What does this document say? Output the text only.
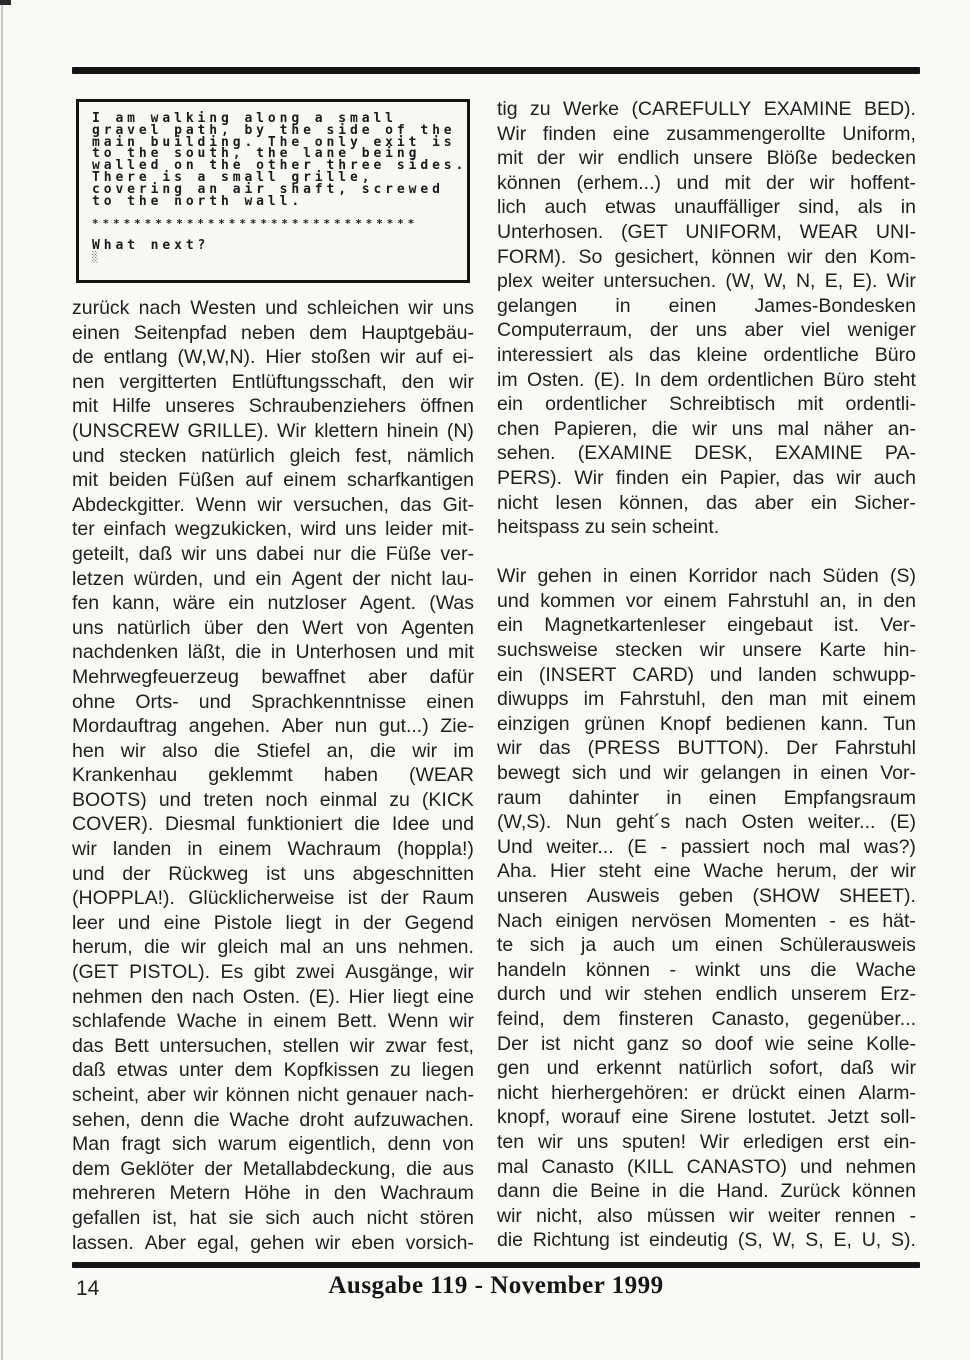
I am walking along a small
gravel path, by the side of the
main building. The only exit is
to the south, the lane being
walled on the other three sides.
There is a small grille,
covering an air shaft, screwed
to the north wall.
*******************************
What next?
░
zurück nach Westen und schleichen wir uns
einen Seitenpfad neben dem Hauptgebäu-
de entlang (W,W,N). Hier stoßen wir auf ei-
nen vergitterten Entlüftungsschaft, den wir
mit Hilfe unseres Schraubenziehers öffnen
(UNSCREW GRILLE). Wir klettern hinein (N)
und stecken natürlich gleich fest, nämlich
mit beiden Füßen auf einem scharfkantigen
Abdeckgitter. Wenn wir versuchen, das Git-
ter einfach wegzukicken, wird uns leider mit-
geteilt, daß wir uns dabei nur die Füße ver-
letzen würden, und ein Agent der nicht lau-
fen kann, wäre ein nutzloser Agent. (Was
uns natürlich über den Wert von Agenten
nachdenken läßt, die in Unterhosen und mit
Mehrwegfeuerzeug bewaffnet aber dafür
ohne Orts- und Sprachkenntnisse einen
Mordauftrag angehen. Aber nun gut...) Zie-
hen wir also die Stiefel an, die wir im
Krankenhau geklemmt haben (WEAR
BOOTS) und treten noch einmal zu (KICK
COVER). Diesmal funktioniert die Idee und
wir landen in einem Wachraum (hoppla!)
und der Rückweg ist uns abgeschnitten
(HOPPLA!). Glücklicherweise ist der Raum
leer und eine Pistole liegt in der Gegend
herum, die wir gleich mal an uns nehmen.
(GET PISTOL). Es gibt zwei Ausgänge, wir
nehmen den nach Osten. (E). Hier liegt eine
schlafende Wache in einem Bett. Wenn wir
das Bett untersuchen, stellen wir zwar fest,
daß etwas unter dem Kopfkissen zu liegen
scheint, aber wir können nicht genauer nach-
sehen, denn die Wache droht aufzuwachen.
Man fragt sich warum eigentlich, denn von
dem Geklöter der Metallabdeckung, die aus
mehreren Metern Höhe in den Wachraum
gefallen ist, hat sie sich auch nicht stören
lassen. Aber egal, gehen wir eben vorsich-
tig zu Werke (CAREFULLY EXAMINE BED).
Wir finden eine zusammengerollte Uniform,
mit der wir endlich unsere Blöße bedecken
können (erhem...) und mit der wir hoffent-
lich auch etwas unauffälliger sind, als in
Unterhosen. (GET UNIFORM, WEAR UNI-
FORM). So gesichert, können wir den Kom-
plex weiter untersuchen. (W, W, N, E, E). Wir
gelangen in einen James-Bondesken
Computerraum, der uns aber viel weniger
interessiert als das kleine ordentliche Büro
im Osten. (E). In dem ordentlichen Büro steht
ein ordentlicher Schreibtisch mit ordentli-
chen Papieren, die wir uns mal näher an-
sehen. (EXAMINE DESK, EXAMINE PA-
PERS). Wir finden ein Papier, das wir auch
nicht lesen können, das aber ein Sicher-
heitspass zu sein scheint.

Wir gehen in einen Korridor nach Süden (S)
und kommen vor einem Fahrstuhl an, in den
ein Magnetkartenleser eingebaut ist. Ver-
suchsweise stecken wir unsere Karte hin-
ein (INSERT CARD) und landen schwupp-
diwupps im Fahrstuhl, den man mit einem
einzigen grünen Knopf bedienen kann. Tun
wir das (PRESS BUTTON). Der Fahrstuhl
bewegt sich und wir gelangen in einen Vor-
raum dahinter in einen Empfangsraum
(W,S). Nun geht´s nach Osten weiter... (E)
Und weiter... (E - passiert noch mal was?)
Aha. Hier steht eine Wache herum, der wir
unseren Ausweis geben (SHOW SHEET).
Nach einigen nervösen Momenten - es hät-
te sich ja auch um einen Schülerausweis
handeln können - winkt uns die Wache
durch und wir stehen endlich unserem Erz-
feind, dem finsteren Canasto, gegenüber...
Der ist nicht ganz so doof wie seine Kolle-
gen und erkennt natürlich sofort, daß wir
nicht hierhergehören: er drückt einen Alarm-
knopf, worauf eine Sirene lostutet. Jetzt soll-
ten wir uns sputen! Wir erledigen erst ein-
mal Canasto (KILL CANASTO) und nehmen
dann die Beine in die Hand. Zurück können
wir nicht, also müssen wir weiter rennen -
die Richtung ist eindeutig (S, W, S, E, U, S).
14	Ausgabe 119 - November 1999
